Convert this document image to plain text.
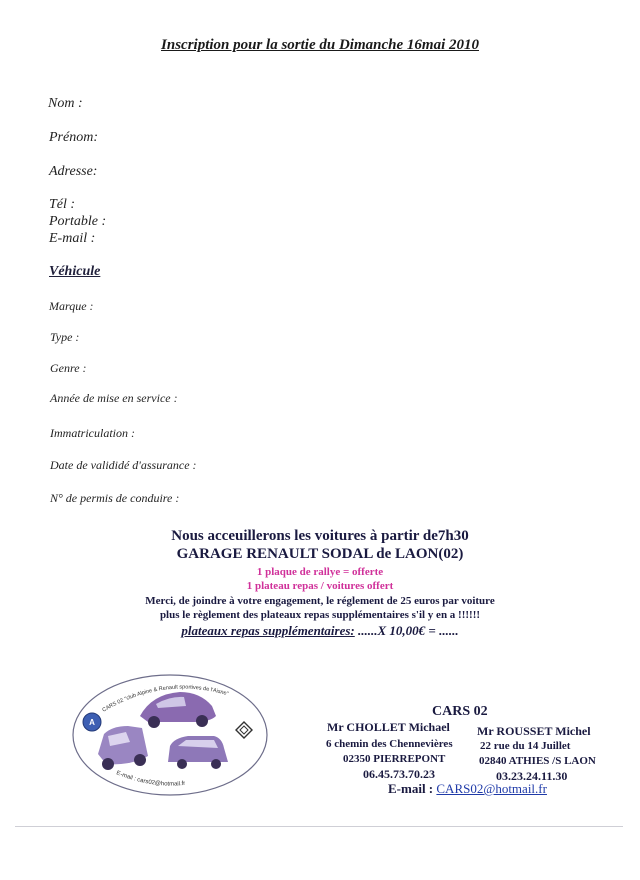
Inscription pour la sortie du Dimanche 16mai 2010
Nom :
Prénom:
Adresse:
Tél :
Portable :
E-mail :
Véhicule
Marque :
Type :
Genre :
Année de mise en service :
Immatriculation :
Date de valididé d'assurance :
N° de permis de conduire :
Nous acceuillerons les voitures à partir de7h30
GARAGE RENAULT SODAL de LAON(02)
1 plaque de rallye = offerte
1 plateau repas / voitures offert
Merci, de joindre à votre engagement, le réglement de 25 euros par voiture
plus le règlement des plateaux repas supplémentaires s'il y en a !!!!!!
plateaux repas supplémentaires: ......X 10,00€ = ......
CARS 02 "club Alpine & Renault sportives de l'Aisne"
A
E-mail : cars02@hotmail.fr
CARS 02
Mr CHOLLET Michael Mr ROUSSET Michel
6 chemin des Chennevières 22 rue du 14 Juillet
02350 PIERREPONT	02840 ATHIES /S LAON
06.45.73.70.23	03.23.24.11.30
E-mail : CARS02@hotmail.fr
